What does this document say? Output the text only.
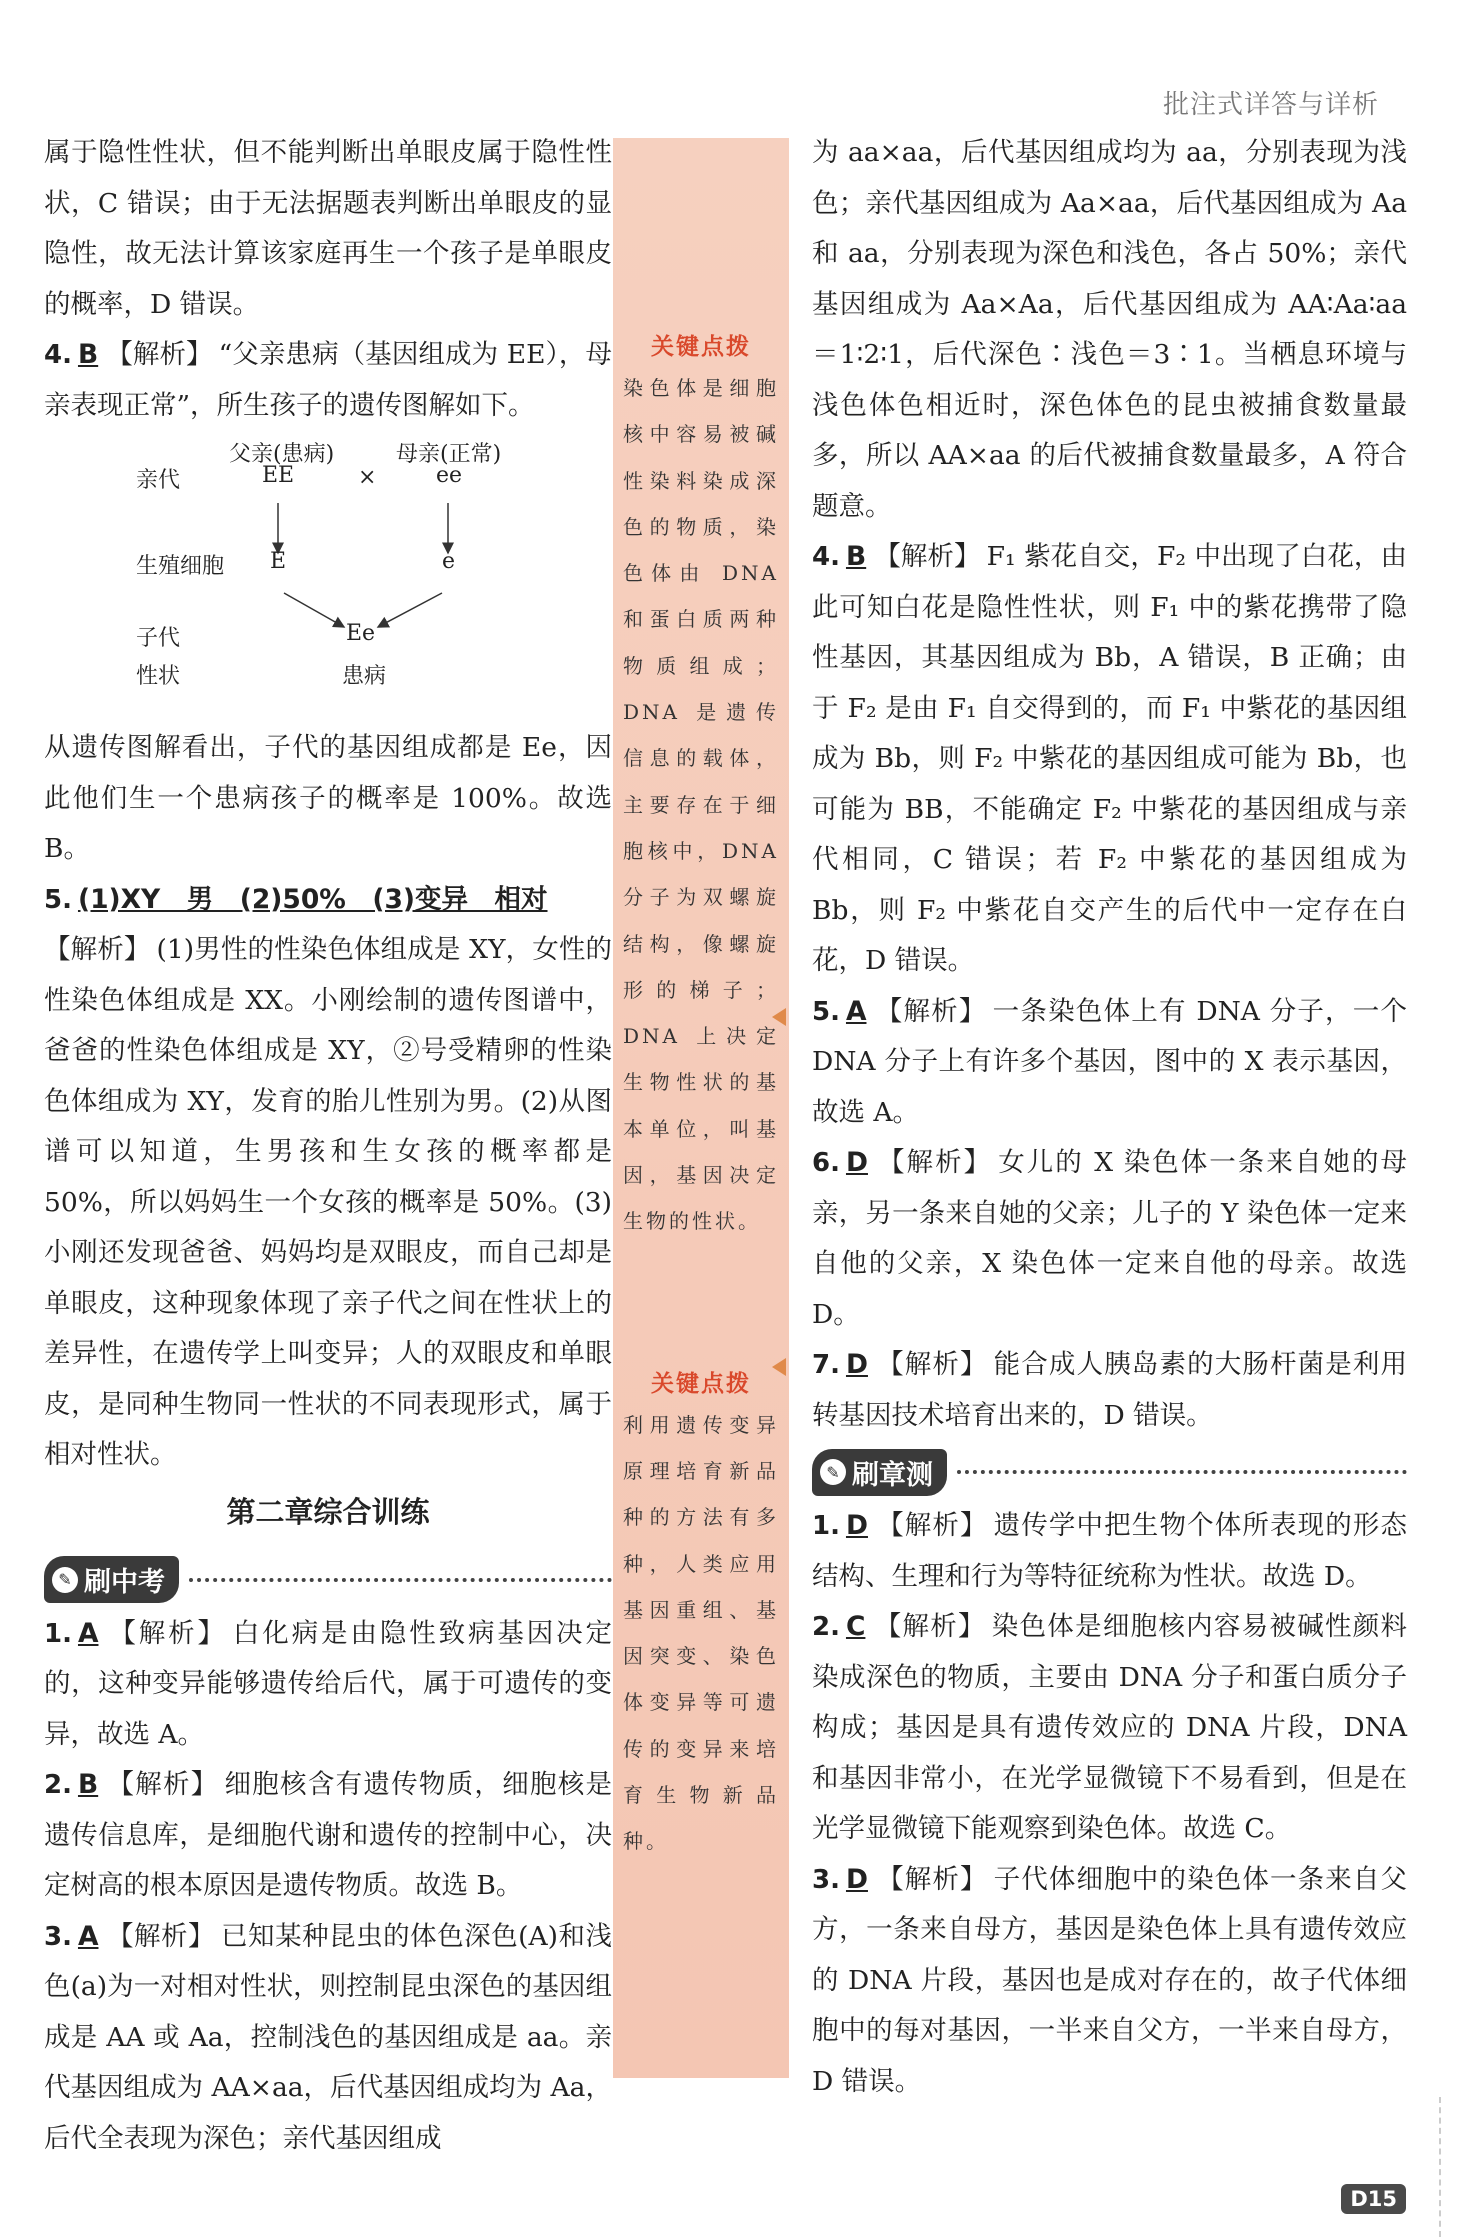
批注式详答与详析

属于隐性性状，但不能判断出单眼皮属于隐性性状，C 错误；由于无法据题表判断出单眼皮的显隐性，故无法计算该家庭再生一个孩子是单眼皮的概率，D 错误。

4. B 【解析】 “父亲患病（基因组成为 EE），母亲表现正常”，所生孩子的遗传图解如下。

父亲(患病)	母亲(正常)
亲代	EE	×	ee
生殖细胞 E	e
子代	Ee
性状	患病

从遗传图解看出，子代的基因组成都是 Ee，因此他们生一个患病孩子的概率是 100%。故选 B。

5. (1)XY　男　(2)50%　(3)变异　相对

【解析】 (1)男性的性染色体组成是 XY，女性的性染色体组成是 XX。小刚绘制的遗传图谱中，爸爸的性染色体组成是 XY，②号受精卵的性染色体组成为 XY，发育的胎儿性别为男。(2)从图谱可以知道，生男孩和生女孩的概率都是 50%，所以妈妈生一个女孩的概率是 50%。(3)小刚还发现爸爸、妈妈均是双眼皮，而自己却是单眼皮，这种现象体现了亲子代之间在性状上的差异性，在遗传学上叫变异；人的双眼皮和单眼皮，是同种生物同一性状的不同表现形式，属于相对性状。

第二章综合训练
✎ 刷中考

1. A 【解析】 白化病是由隐性致病基因决定的，这种变异能够遗传给后代，属于可遗传的变异，故选 A。

2. B 【解析】 细胞核含有遗传物质，细胞核是遗传信息库，是细胞代谢和遗传的控制中心，决定树高的根本原因是遗传物质。故选 B。

3. A 【解析】 已知某种昆虫的体色深色(A)和浅色(a)为一对相对性状，则控制昆虫深色的基因组成是 AA 或 Aa，控制浅色的基因组成是 aa。亲代基因组成为 AA×aa，后代基因组成均为 Aa，后代全表现为深色；亲代基因组成

关键点拨
染色体是细胞核中容易被碱性染料染成深色的物质，染色体由 DNA 和蛋白质两种物质组成；DNA 是遗传信息的载体，主要存在于细胞核中，DNA 分子为双螺旋结构，像螺旋形的梯子；DNA 上决定生物性状的基本单位，叫基因，基因决定生物的性状。
关键点拨
利用遗传变异原理培育新品种的方法有多种，人类应用基因重组、基因突变、染色体变异等可遗传的变异来培育生物新品种。

为 aa×aa，后代基因组成均为 aa，分别表现为浅色；亲代基因组成为 Aa×aa，后代基因组成为 Aa 和 aa，分别表现为深色和浅色，各占 50%；亲代基因组成为 Aa×Aa，后代基因组成为 AA∶Aa∶aa＝1∶2∶1，后代深色∶浅色＝3∶1。当栖息环境与浅色体色相近时，深色体色的昆虫被捕食数量最多，所以 AA×aa 的后代被捕食数量最多，A 符合题意。

4. B 【解析】 F₁ 紫花自交，F₂ 中出现了白花，由此可知白花是隐性性状，则 F₁ 中的紫花携带了隐性基因，其基因组成为 Bb，A 错误，B 正确；由于 F₂ 是由 F₁ 自交得到的，而 F₁ 中紫花的基因组成为 Bb，则 F₂ 中紫花的基因组成可能为 Bb，也可能为 BB，不能确定 F₂ 中紫花的基因组成与亲代相同，C 错误；若 F₂ 中紫花的基因组成为 Bb，则 F₂ 中紫花自交产生的后代中一定存在白花，D 错误。

5. A 【解析】 一条染色体上有 DNA 分子，一个 DNA 分子上有许多个基因，图中的 X 表示基因，故选 A。

6. D 【解析】 女儿的 X 染色体一条来自她的母亲，另一条来自她的父亲；儿子的 Y 染色体一定来自他的父亲，X 染色体一定来自他的母亲。故选 D。

7. D 【解析】 能合成人胰岛素的大肠杆菌是利用转基因技术培育出来的，D 错误。

✎ 刷章测

1. D 【解析】 遗传学中把生物个体所表现的形态结构、生理和行为等特征统称为性状。故选 D。

2. C 【解析】 染色体是细胞核内容易被碱性颜料染成深色的物质，主要由 DNA 分子和蛋白质分子构成；基因是具有遗传效应的 DNA 片段，DNA 和基因非常小，在光学显微镜下不易看到，但是在光学显微镜下能观察到染色体。故选 C。

3. D 【解析】 子代体细胞中的染色体一条来自父方，一条来自母方，基因是染色体上具有遗传效应的 DNA 片段，基因也是成对存在的，故子代体细胞中的每对基因，一半来自父方，一半来自母方，D 错误。

D15
